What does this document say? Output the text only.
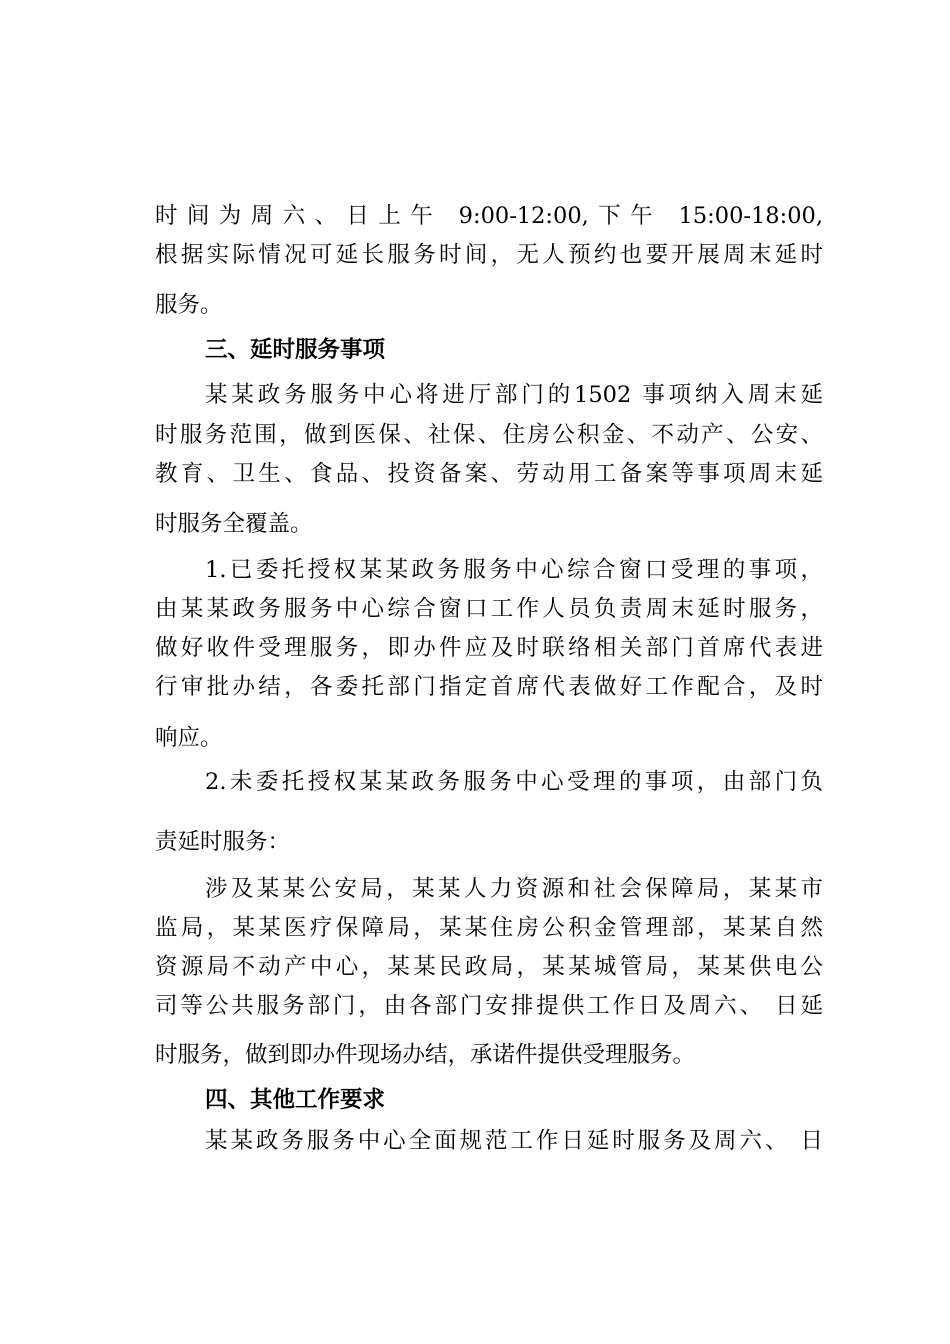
时间为周六、日上午 9:00-12:00,下午 15:00-18:00,
根据实际情况可延长服务时间，无人预约也要开展周末延时
服务。
三、延时服务事项
某某政务服务中心将进厅部门的1502 事项纳入周末延
时服务范围，做到医保、社保、住房公积金、不动产、公安、
教育、卫生、食品、投资备案、劳动用工备案等事项周末延
时服务全覆盖。
1.已委托授权某某政务服务中心综合窗口受理的事项，
由某某政务服务中心综合窗口工作人员负责周末延时服务，
做好收件受理服务，即办件应及时联络相关部门首席代表进
行审批办结，各委托部门指定首席代表做好工作配合，及时
响应。
2.未委托授权某某政务服务中心受理的事项，由部门负
责延时服务：
涉及某某公安局，某某人力资源和社会保障局，某某市
监局，某某医疗保障局，某某住房公积金管理部，某某自然
资源局不动产中心，某某民政局，某某城管局，某某供电公
司等公共服务部门，由各部门安排提供工作日及周六、 日延
时服务，做到即办件现场办结，承诺件提供受理服务。
四、其他工作要求
某某政务服务中心全面规范工作日延时服务及周六、 日
